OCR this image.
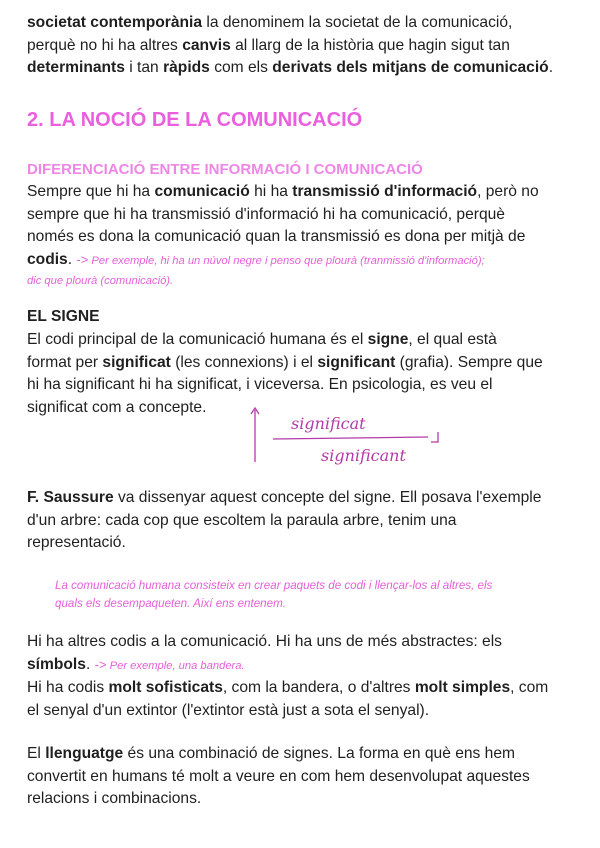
societat contemporània la denominem la societat de la comunicació,

perquè no hi ha altres canvis al llarg de la història que hagin sigut tan

determinants i tan ràpids com els derivats dels mitjans de comunicació.

2. LA NOCIÓ DE LA COMUNICACIÓ
DIFERENCIACIÓ ENTRE INFORMACIÓ I COMUNICACIÓ

Sempre que hi ha comunicació hi ha transmissió d'informació, però no

sempre que hi ha transmissió d'informació hi ha comunicació, perquè

només es dona la comunicació quan la transmissió es dona per mitjà de

codis. -> Per exemple, hi ha un núvol negre i penso que plourà (tranmissió d'informació);

dic que plourà (comunicació).

EL SIGNE

El codi principal de la comunicació humana és el signe, el qual està

format per significat (les connexions) i el significant (grafia). Sempre que

hi ha significant hi ha significat, i viceversa. En psicologia, es veu el

significat com a concepte.

significat
significant

F. Saussure va dissenyar aquest concepte del signe. Ell posava l'exemple

d'un arbre: cada cop que escoltem la paraula arbre, tenim una

representació.

La comunicació humana consisteix en crear paquets de codi i llençar-los al altres, els
quals els desempaqueten. Així ens entenem.

Hi ha altres codis a la comunicació. Hi ha uns de més abstractes: els

símbols. -> Per exemple, una bandera.

Hi ha codis molt sofisticats, com la bandera, o d'altres molt simples, com

el senyal d'un extintor (l'extintor està just a sota el senyal).

El llenguatge és una combinació de signes. La forma en què ens hem

convertit en humans té molt a veure en com hem desenvolupat aquestes

relacions i combinacions.
